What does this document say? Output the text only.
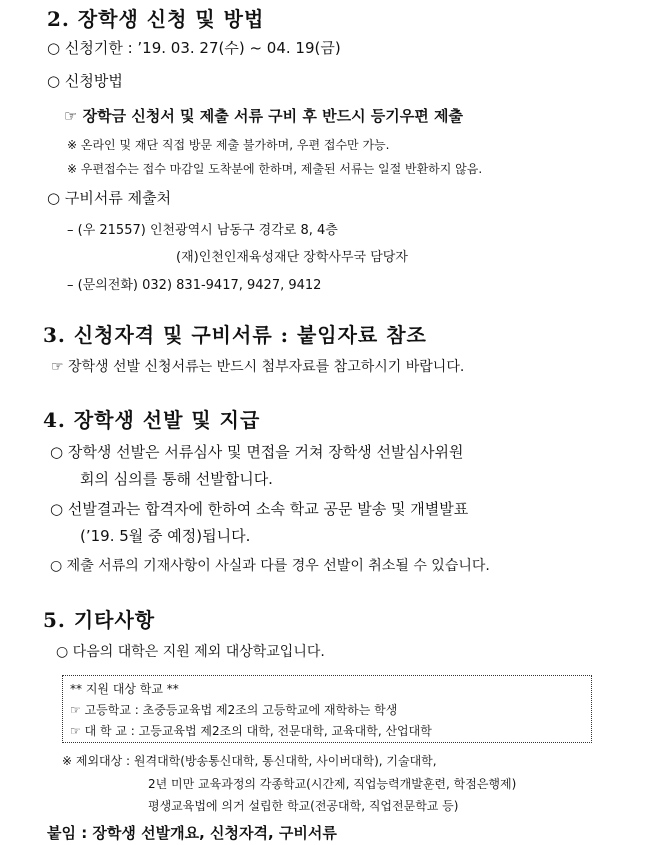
2. 장학생 신청 및 방법
○ 신청기한 : ’19. 03. 27(수) ~ 04. 19(금)
○ 신청방법
☞ 장학금 신청서 및 제출 서류 구비 후 반드시 등기우편 제출
※ 온라인 및 재단 직접 방문 제출 불가하며, 우편 접수만 가능.
※ 우편접수는 접수 마감일 도착분에 한하며, 제출된 서류는 일절 반환하지 않음.
○ 구비서류 제출처
– (우 21557) 인천광역시 남동구 경각로 8, 4층
(재)인천인재육성재단 장학사무국 담당자
– (문의전화) 032) 831-9417, 9427, 9412
3. 신청자격 및 구비서류 : 붙임자료 참조
☞ 장학생 선발 신청서류는 반드시 첨부자료를 참고하시기 바랍니다.
4. 장학생 선발 및 지급
○ 장학생 선발은 서류심사 및 면접을 거쳐 장학생 선발심사위원
회의 심의를 통해 선발합니다.
○ 선발결과는 합격자에 한하여 소속 학교 공문 발송 및 개별발표
(’19. 5월 중 예정)됩니다.
○ 제출 서류의 기재사항이 사실과 다를 경우 선발이 취소될 수 있습니다.
5. 기타사항
○ 다음의 대학은 지원 제외 대상학교입니다.
** 지원 대상 학교 **
☞ 고등학교 : 초중등교육법 제2조의 고등학교에 재학하는 학생
☞ 대 학 교 : 고등교육법 제2조의 대학, 전문대학, 교육대학, 산업대학
※ 제외대상 : 원격대학(방송통신대학, 통신대학, 사이버대학), 기술대학,
2년 미만 교육과정의 각종학교(시간제, 직업능력개발훈련, 학점은행제)
평생교육법에 의거 설립한 학교(전공대학, 직업전문학교 등)
붙임 : 장학생 선발개요, 신청자격, 구비서류
